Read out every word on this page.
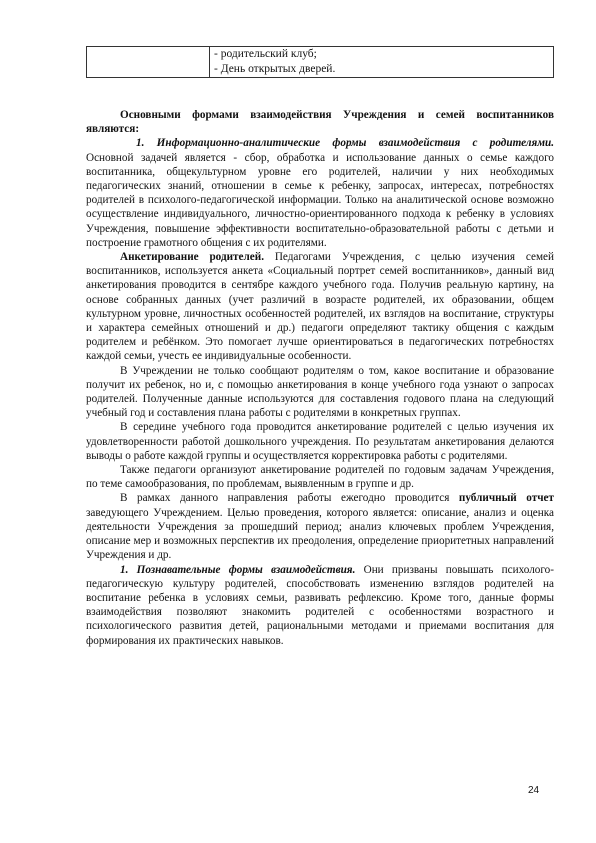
- родительский клуб;
- День открытых дверей.

Основными формами взаимодействия Учреждения и семей воспитанников являются:

1. Информационно-аналитические формы взаимодействия с родителями. Основной задачей является - сбор, обработка и использование данных о семье каждого воспитанника, общекультурном уровне его родителей, наличии у них необходимых педагогических знаний, отношении в семье к ребенку, запросах, интересах, потребностях родителей в психолого-педагогической информации. Только на аналитической основе возможно осуществление индивидуального, личностно-ориентированного подхода к ребенку в условиях Учреждения, повышение эффективности воспитательно-образовательной работы с детьми и построение грамотного общения с их родителями.

Анкетирование родителей. Педагогами Учреждения, с целью изучения семей воспитанников, используется анкета «Социальный портрет семей воспитанников», данный вид анкетирования проводится в сентябре каждого учебного года. Получив реальную картину, на основе собранных данных (учет различий в возрасте родителей, их образовании, общем культурном уровне, личностных особенностей родителей, их взглядов на воспитание, структуры и характера семейных отношений и др.) педагоги определяют тактику общения с каждым родителем и ребёнком. Это помогает лучше ориентироваться в педагогических потребностях каждой семьи, учесть ее индивидуальные особенности.

В Учреждении не только сообщают родителям о том, какое воспитание и образование получит их ребенок, но и, с помощью анкетирования в конце учебного года узнают о запросах родителей. Полученные данные используются для составления годового плана на следующий учебный год и составления плана работы с родителями в конкретных группах.

В середине учебного года проводится анкетирование родителей с целью изучения их удовлетворенности работой дошкольного учреждения. По результатам анкетирования делаются выводы о работе каждой группы и осуществляется корректировка работы с родителями.

Также педагоги организуют анкетирование родителей по годовым задачам Учреждения, по теме самообразования, по проблемам, выявленным в группе и др.

В рамках данного направления работы ежегодно проводится публичный отчет заведующего Учреждением. Целью проведения, которого является: описание, анализ и оценка деятельности Учреждения за прошедший период; анализ ключевых проблем Учреждения, описание мер и возможных перспектив их преодоления, определение приоритетных направлений Учреждения и др.

1. Познавательные формы взаимодействия. Они призваны повышать психолого-педагогическую культуру родителей, способствовать изменению взглядов родителей на воспитание ребенка в условиях семьи, развивать рефлексию. Кроме того, данные формы взаимодействия позволяют знакомить родителей с особенностями возрастного и психологического развития детей, рациональными методами и приемами воспитания для формирования их практических навыков.

24
